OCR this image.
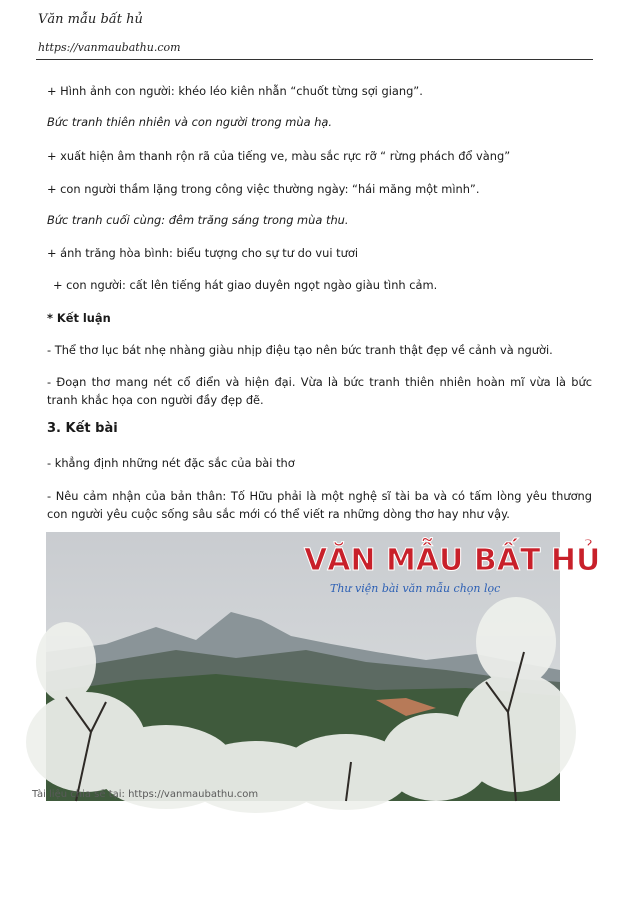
Văn mẫu bất hủ
https://vanmaubathu.com

+ Hình ảnh con người: khéo léo kiên nhẫn “chuốt từng sợi giang”.

Bức tranh thiên nhiên và con người trong mùa hạ.

+ xuất hiện âm thanh rộn rã của tiếng ve, màu sắc rực rỡ “ rừng phách đổ vàng”

+ con người thầm lặng trong công việc thường ngày: “hái măng một mình”.

Bức tranh cuối cùng: đêm trăng sáng trong mùa thu.

+ ánh trăng hòa bình: biểu tượng cho sự tư do vui tươi

+ con người: cất lên tiếng hát giao duyên ngọt ngào giàu tình cảm.

* Kết luận

- Thể thơ lục bát nhẹ nhàng giàu nhịp điệu tạo nên bức tranh thật đẹp về cảnh và người.

- Đoạn thơ mang nét cổ điển và hiện đại. Vừa là bức tranh thiên nhiên hoàn mĩ vừa là bức tranh khắc họa con người đầy đẹp đẽ.

3. Kết bài

- khẳng định những nét đặc sắc của bài thơ

- Nêu cảm nhận của bản thân: Tố Hữu phải là một nghệ sĩ tài ba và có tấm lòng yêu thương con người yêu cuộc sống sâu sắc mới có thể viết ra những dòng thơ hay như vậy.

VĂN MẪU BẤT HỦ
Thư viện bài văn mẫu chọn lọc
Tài liệu chia sẻ tại: https://vanmaubathu.com
